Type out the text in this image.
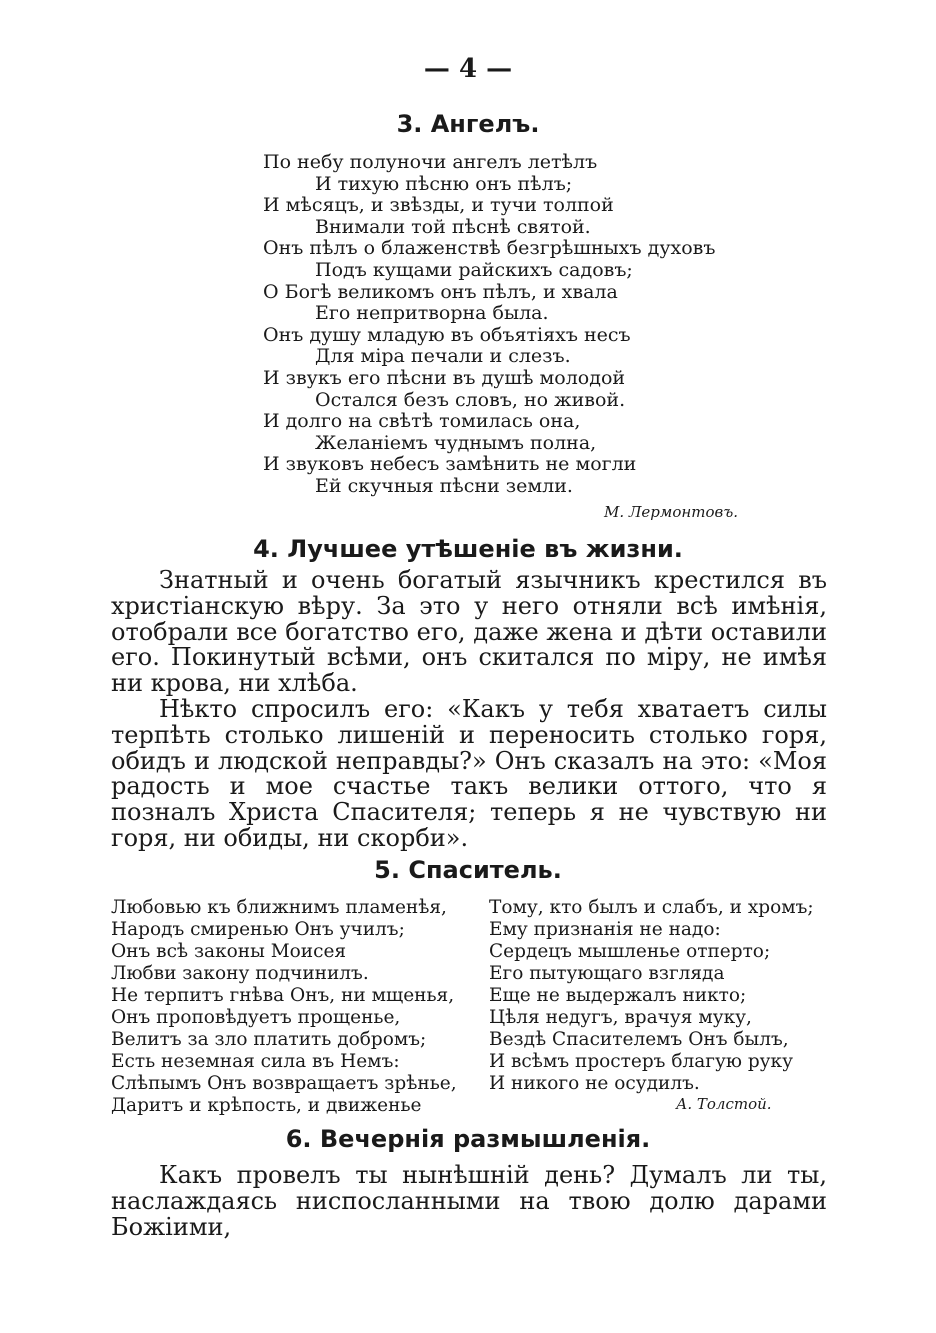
— 4 —
3. Ангелъ.
По небу полуночи ангелъ летѣлъ
И тихую пѣсню онъ пѣлъ;
И мѣсяцъ, и звѣзды, и тучи толпой
Внимали той пѣснѣ святой.
Онъ пѣлъ о блаженствѣ безгрѣшныхъ духовъ
Подъ кущами райскихъ садовъ;
О Богѣ великомъ онъ пѣлъ, и хвала
Его непритворна была.
Онъ душу младую въ объятіяхъ несъ
Для міра печали и слезъ.
И звукъ его пѣсни въ душѣ молодой
Остался безъ словъ, но живой.
И долго на свѣтѣ томилась она,
Желаніемъ чуднымъ полна,
И звуковъ небесъ замѣнить не могли
Ей скучныя пѣсни земли.
М. Лермонтовъ.
4. Лучшее утѣшеніе въ жизни.

Знатный и очень богатый язычникъ крестился въ христіанскую вѣру. За это у него отняли всѣ имѣнія, отобрали все богатство его, даже жена и дѣти оставили его. Покинутый всѣми, онъ скитался по міру, не имѣя ни крова, ни хлѣба.

Нѣкто спросилъ его: «Какъ у тебя хватаетъ силы терпѣть столько лишеній и переносить столько горя, обидъ и людской неправды?» Онъ сказалъ на это: «Моя радость и мое счастье такъ велики оттого, что я позналъ Христа Спасителя; теперь я не чувствую ни горя, ни обиды, ни скорби».

5. Спаситель.
Любовью къ ближнимъ пламенѣя,
Народъ смиренью Онъ училъ;
Онъ всѣ законы Моисея
Любви закону подчинилъ.
Не терпитъ гнѣва Онъ, ни мщенья,
Онъ проповѣдуетъ прощенье,
Велитъ за зло платить добромъ;
Есть неземная сила въ Немъ:
Слѣпымъ Онъ возвращаетъ зрѣнье,
Даритъ и крѣпость, и движенье
Тому, кто былъ и слабъ, и хромъ;
Ему признанія не надо:
Сердецъ мышленье отперто;
Его пытующаго взгляда
Еще не выдержалъ никто;
Цѣля недугъ, врачуя муку,
Вездѣ Спасителемъ Онъ былъ,
И всѣмъ простеръ благую руку
И никого не осудилъ.
А. Толстой.
6. Вечернія размышленія.

Какъ провелъ ты нынѣшній день? Думалъ ли ты, наслаждаясь ниспосланными на твою долю дарами Божіими,
